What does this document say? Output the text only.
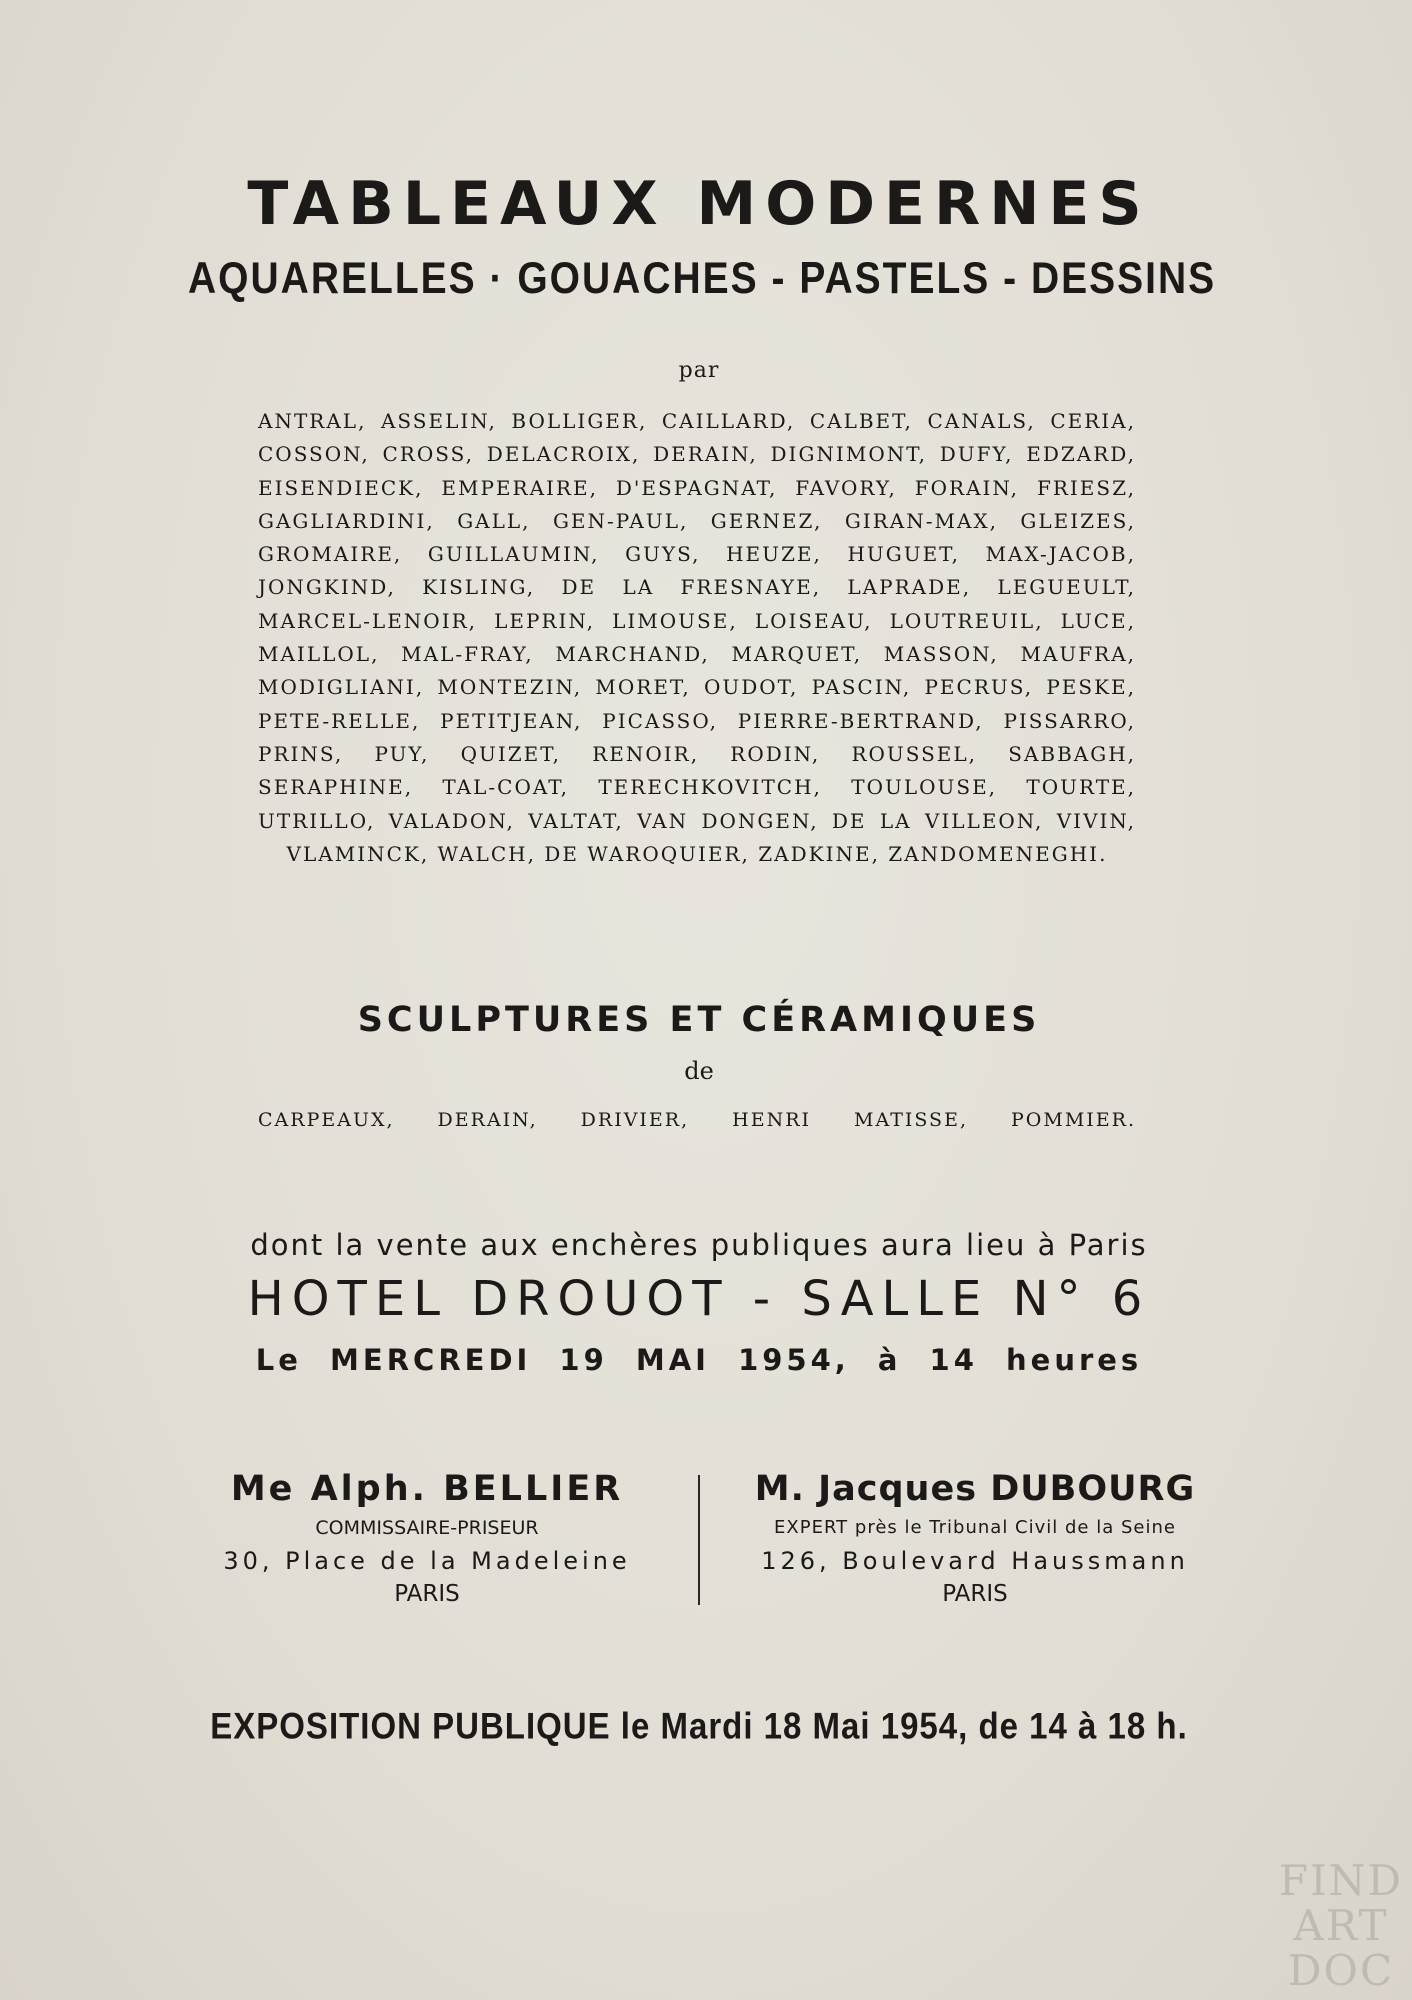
TABLEAUX MODERNES
AQUARELLES · GOUACHES - PASTELS - DESSINS
par
ANTRAL, ASSELIN, BOLLIGER, CAILLARD, CALBET, CANALS, CERIA, COSSON, CROSS, DELACROIX, DERAIN, DIGNIMONT, DUFY, EDZARD, EISENDIECK, EMPERAIRE, D'ESPAGNAT, FAVORY, FORAIN, FRIESZ, GAGLIARDINI, GALL, GEN-PAUL, GERNEZ, GIRAN-MAX, GLEIZES, GROMAIRE, GUILLAUMIN, GUYS, HEUZE, HUGUET, MAX-JACOB, JONGKIND, KISLING, DE LA FRESNAYE, LAPRADE, LEGUEULT, MARCEL-LENOIR, LEPRIN, LIMOUSE, LOISEAU, LOUTREUIL, LUCE, MAILLOL, MAL-FRAY, MARCHAND, MARQUET, MASSON, MAUFRA, MODIGLIANI, MONTEZIN, MORET, OUDOT, PASCIN, PECRUS, PESKE, PETE-RELLE, PETITJEAN, PICASSO, PIERRE-BERTRAND, PISSARRO, PRINS, PUY, QUIZET, RENOIR, RODIN, ROUSSEL, SABBAGH, SERAPHINE, TAL-COAT, TERECHKOVITCH, TOULOUSE, TOURTE, UTRILLO, VALADON, VALTAT, VAN DONGEN, DE LA VILLEON, VIVIN, VLAMINCK, WALCH, DE WAROQUIER, ZADKINE, ZANDOMENEGHI.
SCULPTURES ET CÉRAMIQUES
de
CARPEAUX, DERAIN, DRIVIER, HENRI MATISSE, POMMIER.
dont la vente aux enchères publiques aura lieu à Paris
HOTEL DROUOT - SALLE N° 6
Le MERCREDI 19 MAI 1954, à 14 heures
Me Alph. BELLIER
COMMISSAIRE-PRISEUR
30, Place de la Madeleine
PARIS
M. Jacques DUBOURG
EXPERT près le Tribunal Civil de la Seine
126, Boulevard Haussmann
PARIS
EXPOSITION PUBLIQUE le Mardi 18 Mai 1954, de 14 à 18 h.
FIND ART DOC
